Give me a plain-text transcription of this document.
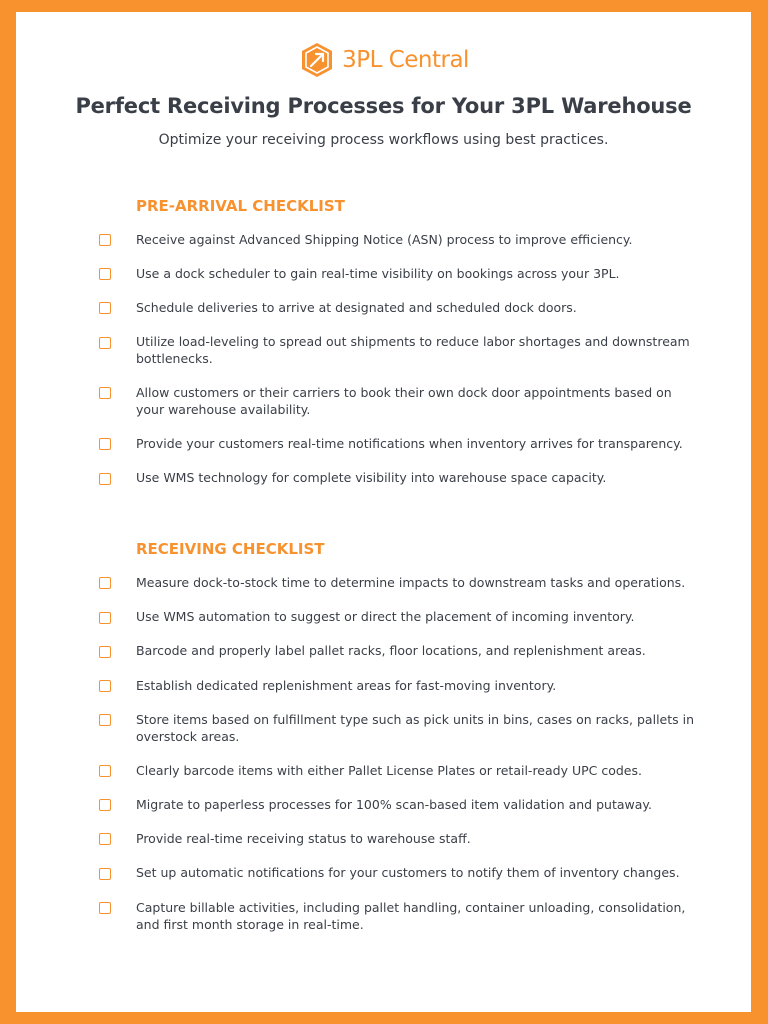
3PL Central
Perfect Receiving Processes for Your 3PL Warehouse

Optimize your receiving process workflows using best practices.

PRE-ARRIVAL CHECKLIST

Receive against Advanced Shipping Notice (ASN) process to improve efficiency.

Use a dock scheduler to gain real-time visibility on bookings across your 3PL.

Schedule deliveries to arrive at designated and scheduled dock doors.

Utilize load-leveling to spread out shipments to reduce labor shortages and downstream bottlenecks.

Allow customers or their carriers to book their own dock door appointments based on your warehouse availability.

Provide your customers real-time notifications when inventory arrives for transparency.

Use WMS technology for complete visibility into warehouse space capacity.

RECEIVING CHECKLIST

Measure dock-to-stock time to determine impacts to downstream tasks and operations.

Use WMS automation to suggest or direct the placement of incoming inventory.

Barcode and properly label pallet racks, floor locations, and replenishment areas.

Establish dedicated replenishment areas for fast-moving inventory.

Store items based on fulfillment type such as pick units in bins, cases on racks, pallets in overstock areas.

Clearly barcode items with either Pallet License Plates or retail-ready UPC codes.

Migrate to paperless processes for 100% scan-based item validation and putaway.

Provide real-time receiving status to warehouse staff.

Set up automatic notifications for your customers to notify them of inventory changes.

Capture billable activities, including pallet handling, container unloading, consolidation, and first month storage in real-time.
